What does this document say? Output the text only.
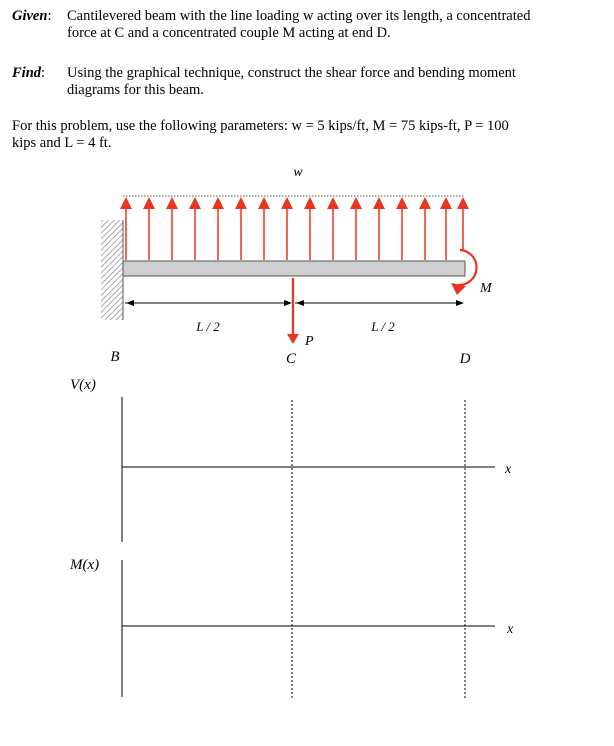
Given: Cantilevered beam with the line loading w acting over its length, a concentrated
force at C and a concentrated couple M acting at end D.
Find: Using the graphical technique, construct the shear force and bending moment
diagrams for this beam.
For this problem, use the following parameters: w = 5 kips/ft, M = 75 kips-ft, P = 100
kips and L = 4 ft.
w
M
L / 2	L / 2
P
B	C	D
V(x)
x
M(x)
x
